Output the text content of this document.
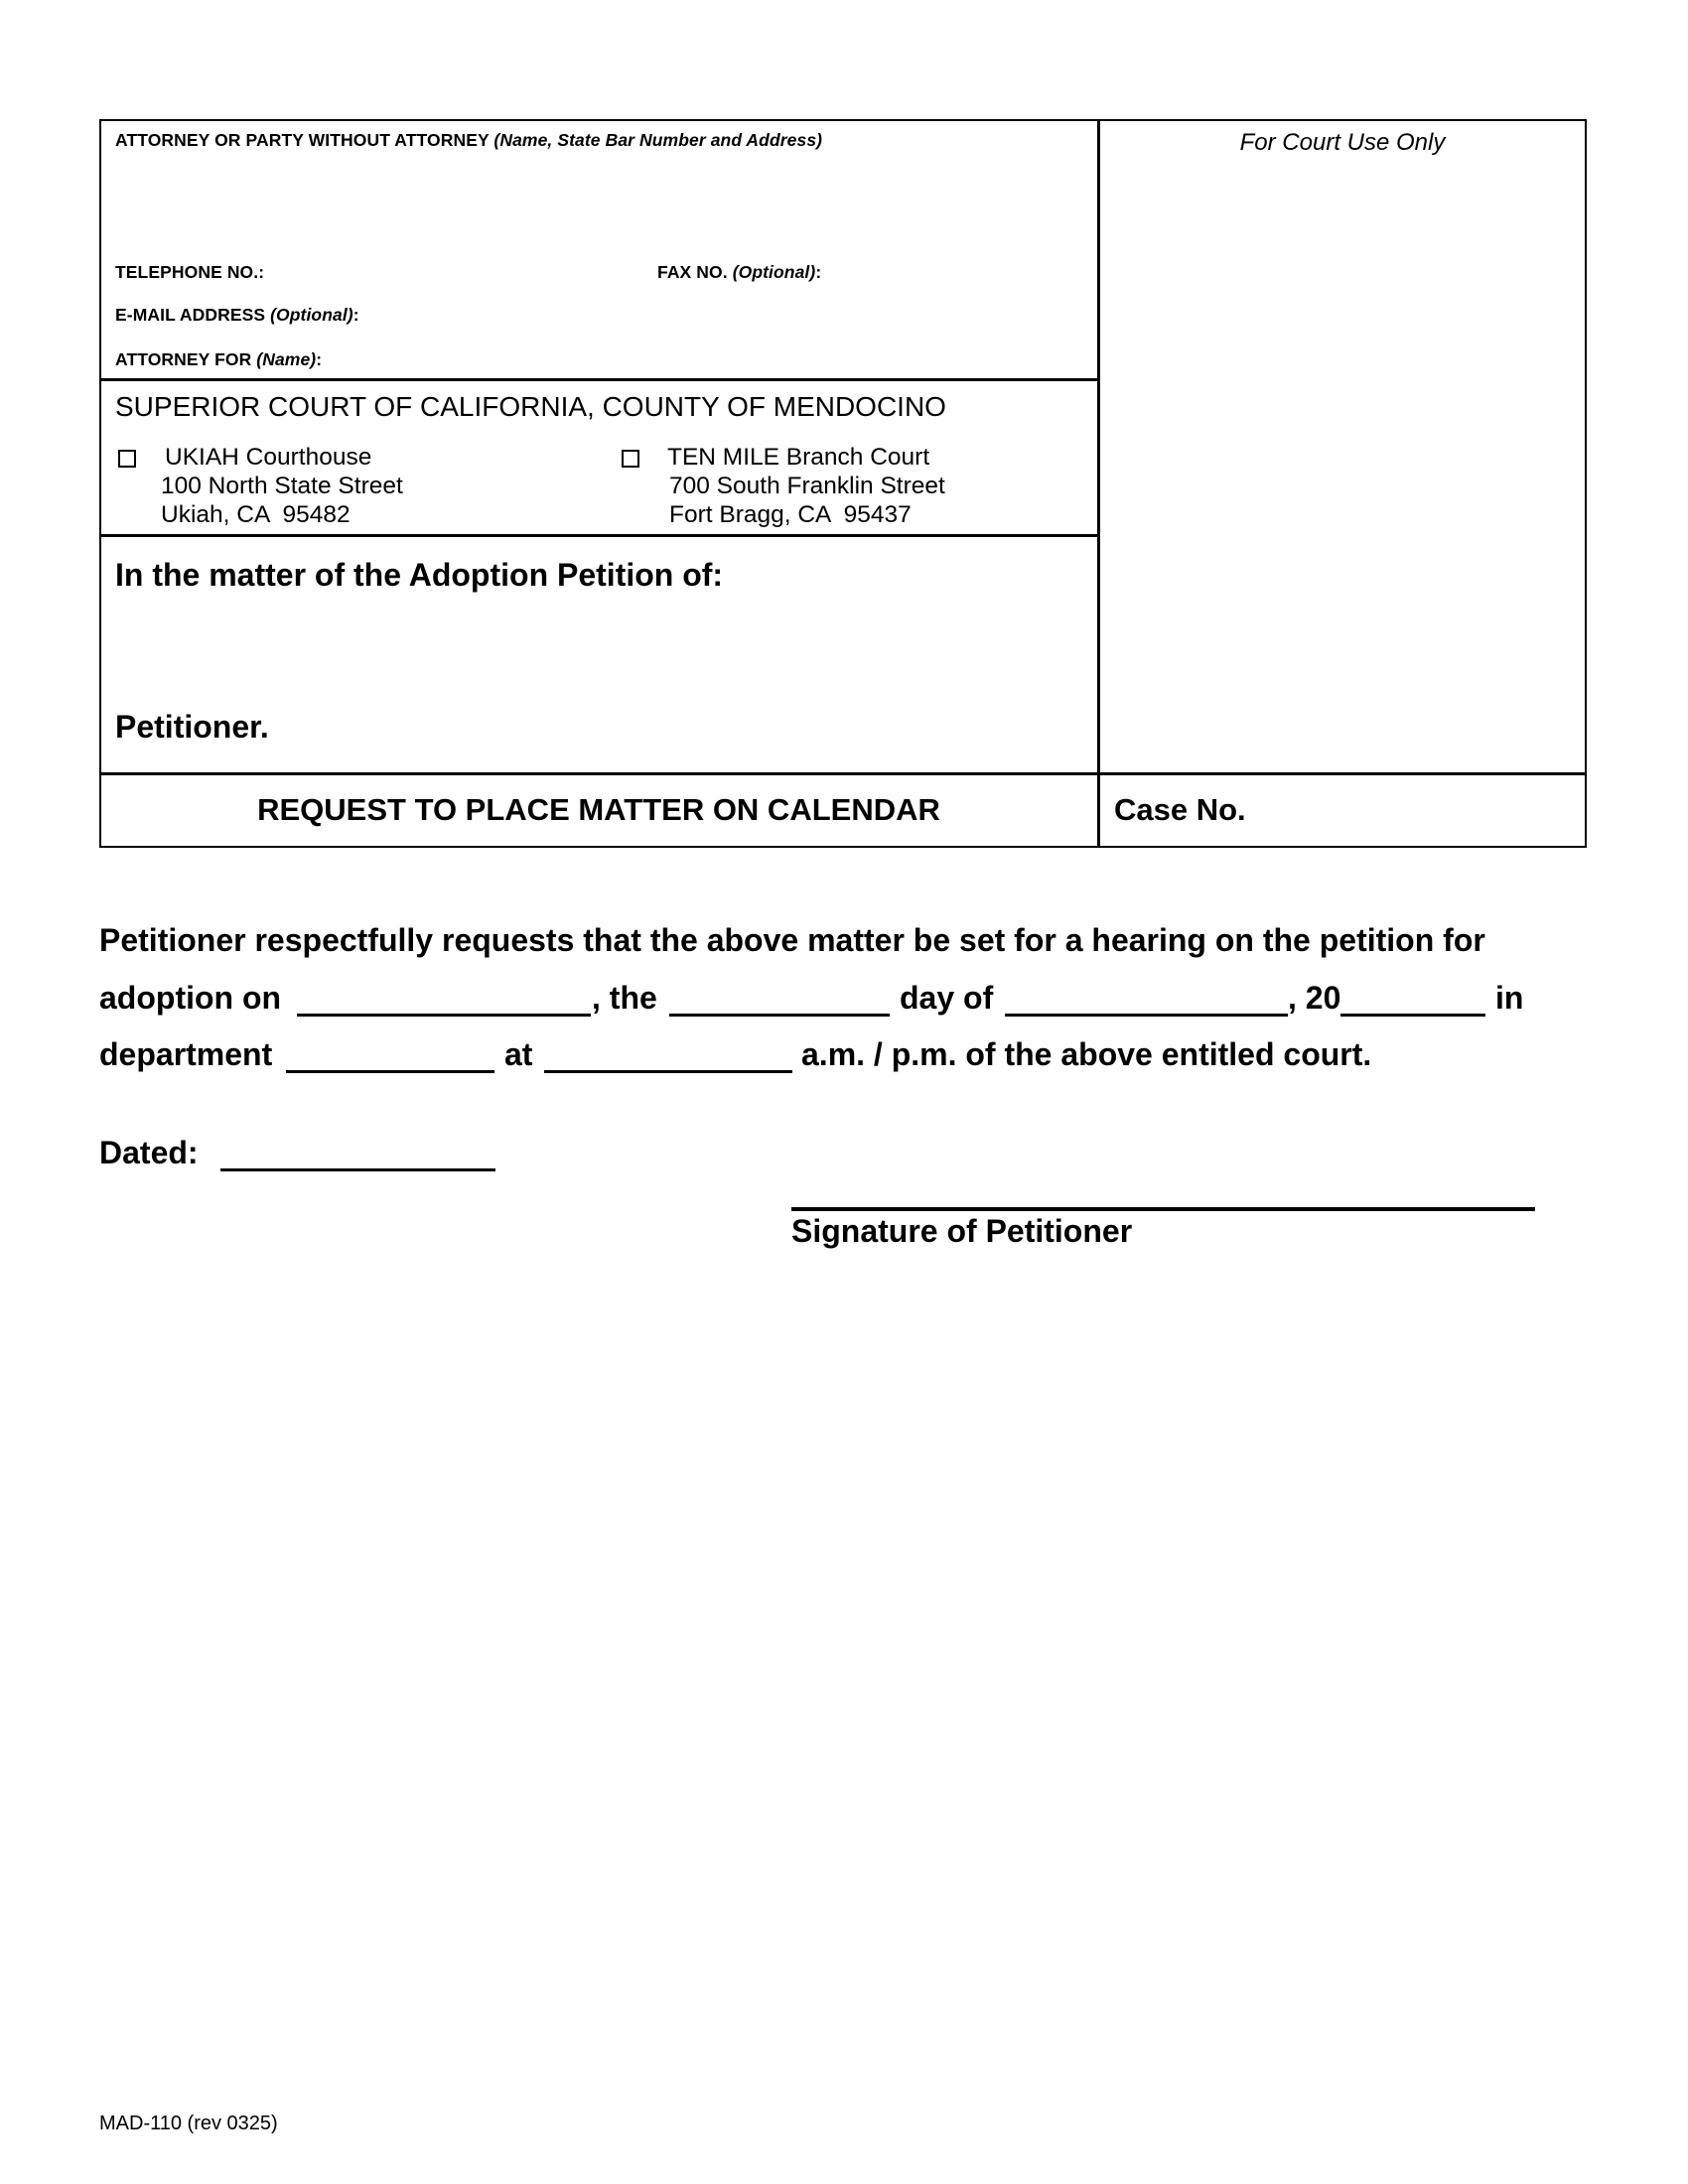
ATTORNEY OR PARTY WITHOUT ATTORNEY (Name, State Bar Number and Address)	For Court Use Only
TELEPHONE NO.:	FAX NO. (Optional):
E-MAIL ADDRESS (Optional):
ATTORNEY FOR (Name):
SUPERIOR COURT OF CALIFORNIA, COUNTY OF MENDOCINO
UKIAH Courthouse
100 North State Street
Ukiah, CA  95482
TEN MILE Branch Court
700 South Franklin Street
Fort Bragg, CA  95437
In the matter of the Adoption Petition of:
Petitioner.
REQUEST TO PLACE MATTER ON CALENDAR	Case No.
Petitioner respectfully requests that the above matter be set for a hearing on the petition for
adoption on	, the	day of	, 20	in
department	at	a.m. / p.m. of the above entitled court.
Dated:
Signature of Petitioner
MAD-110 (rev 0325)
